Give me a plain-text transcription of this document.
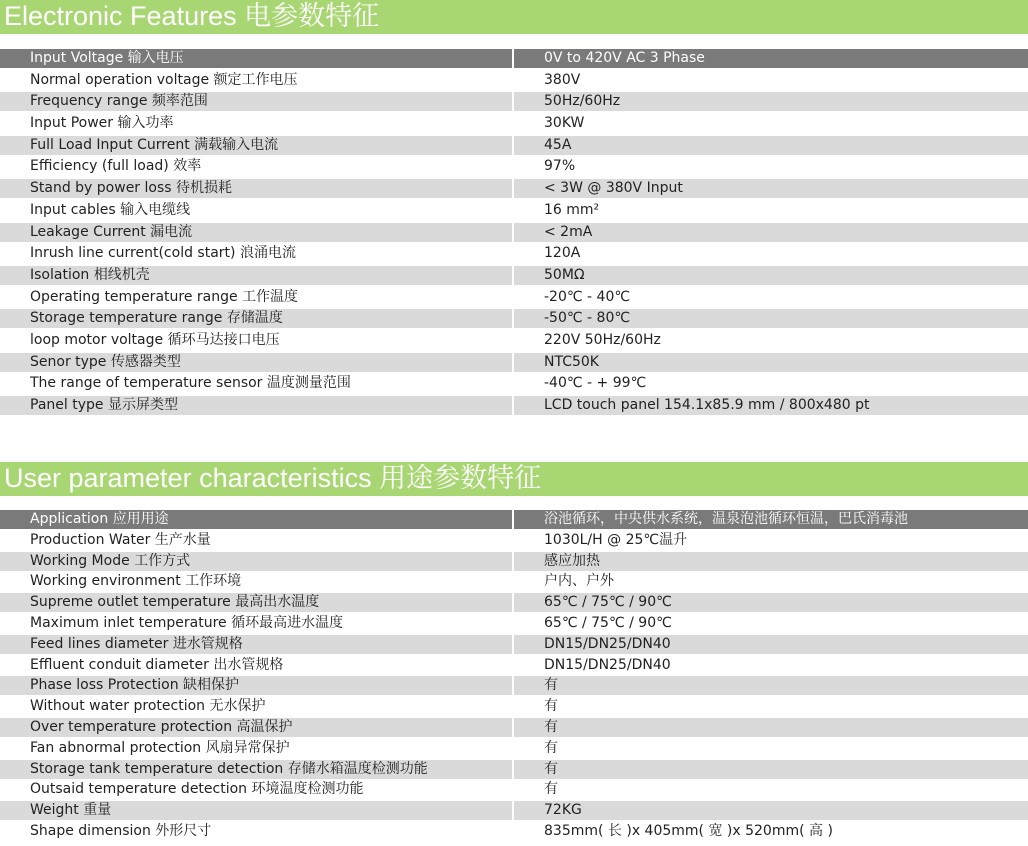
Electronic Features 电参数特征
Input Voltage 输入电压	0V to 420V AC 3 Phase
Normal operation voltage 额定工作电压	380V
Frequency range 频率范围	50Hz/60Hz
Input Power 输入功率	30KW
Full Load Input Current 满载输入电流	45A
Efficiency (full load) 效率	97%
Stand by power loss 待机损耗	< 3W @ 380V Input
Input cables 输入电缆线	16 mm²
Leakage Current 漏电流	< 2mA
Inrush line current(cold start) 浪涌电流	120A
Isolation 相线机壳	50MΩ
Operating temperature range 工作温度	-20℃ - 40℃
Storage temperature range 存储温度	-50℃ - 80℃
loop motor voltage 循环马达接口电压	220V 50Hz/60Hz
Senor type 传感器类型	NTC50K
The range of temperature sensor 温度测量范围	-40℃ - + 99℃
Panel type 显示屏类型	LCD touch panel 154.1x85.9 mm / 800x480 pt
User parameter characteristics 用途参数特征
Application 应用用途	浴池循环，中央供水系统，温泉泡池循环恒温，巴氏消毒池
Production Water 生产水量	1030L/H @ 25℃温升
Working Mode 工作方式	感应加热
Working environment 工作环境	户内、户外
Supreme outlet temperature 最高出水温度	65℃ / 75℃ / 90℃
Maximum inlet temperature 循环最高进水温度	65℃ / 75℃ / 90℃
Feed lines diameter 进水管规格	DN15/DN25/DN40
Effluent conduit diameter 出水管规格	DN15/DN25/DN40
Phase loss Protection 缺相保护	有
Without water protection 无水保护	有
Over temperature protection 高温保护	有
Fan abnormal protection 风扇异常保护	有
Storage tank temperature detection 存储水箱温度检测功能	有
Outsaid temperature detection 环境温度检测功能	有
Weight 重量	72KG
Shape dimension 外形尺寸	835mm( 长 )x 405mm( 宽 )x 520mm( 高 )
